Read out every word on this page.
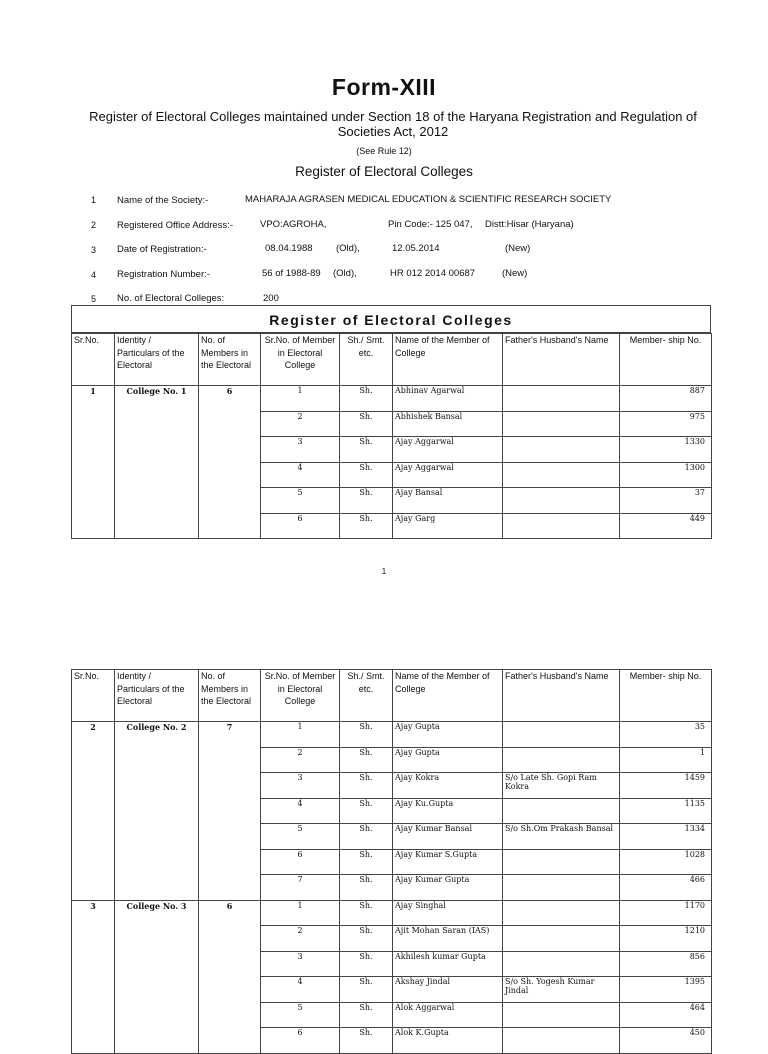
Form-XIII
Register of Electoral Colleges maintained under Section 18 of the Haryana Registration and Regulation of Societies Act, 2012
(See Rule 12)
Register of Electoral Colleges
1 Name of the Society:-	MAHARAJA AGRASEN MEDICAL EDUCATION & SCIENTIFIC RESEARCH SOCIETY
2 Registered Office Address:-	VPO:AGROHA,	Pin Code:- 125 047, Distt:Hisar (Haryana)
3 Date of Registration:-	08.04.1988 (Old),	12.05.2014	(New)
4 Registration Number:-	56 of 1988-89 (Old),	HR 012 2014 00687	(New)
5 No. of Electoral Colleges:	200
Register of Electoral Colleges
Sr.No.	Identity / Particulars of the Electoral	No. of Members in the Electoral	Sr.No. of Member in Electoral College	Sh./ Smt. etc.	Name of the Member of College	Father's Husband's Name	Member- ship No.
1	College No. 1	6	1	Sh.	Abhinav Agarwal		887
			2	Sh.	Abhishek Bansal		975
			3	Sh.	Ajay Aggarwal		1330
			4	Sh.	Ajay Aggarwal		1300
			5	Sh.	Ajay Bansal		37
			6	Sh.	Ajay Garg		449
1
Sr.No.	Identity / Particulars of the Electoral	No. of Members in the Electoral	Sr.No. of Member in Electoral College	Sh./ Smt. etc.	Name of the Member of College	Father's Husband's Name	Member- ship No.
2	College No. 2	7	1	Sh.	Ajay Gupta		35
			2	Sh.	Ajay Gupta		1
			3	Sh.	Ajay Kokra	S/o Late Sh. Gopi Ram Kokra	1459
			4	Sh.	Ajay Ku.Gupta		1135
			5	Sh.	Ajay Kumar Bansal	S/o Sh.Om Prakash Bansal	1334
			6	Sh.	Ajay Kumar S.Gupta		1028
			7	Sh.	Ajay Kumar Gupta		466
3	College No. 3	6	1	Sh.	Ajay Singhal		1170
			2	Sh.	Ajit Mohan Saran (IAS)		1210
			3	Sh.	Akhilesh kumar Gupta		856
			4	Sh.	Akshay Jindal	S/o Sh. Yogesh Kumar Jindal	1395
			5	Sh.	Alok Aggarwal		464
			6	Sh.	Alok K.Gupta		450
